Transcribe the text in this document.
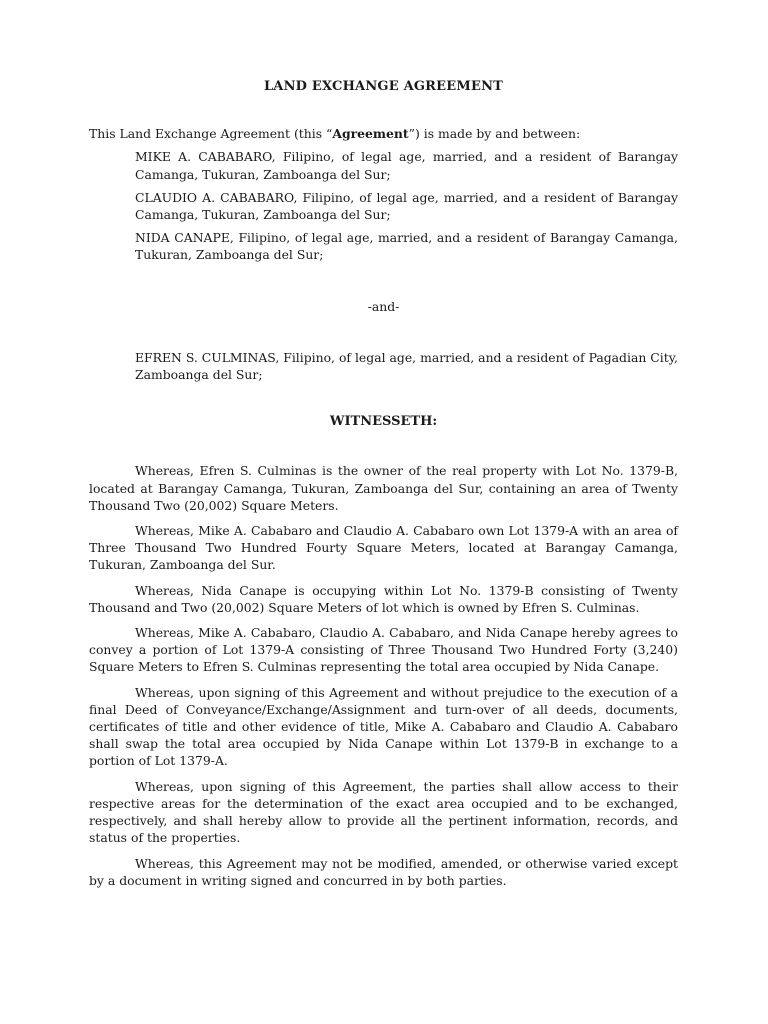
LAND EXCHANGE AGREEMENT

This Land Exchange Agreement (this “Agreement”) is made by and between:

MIKE A. CABABARO, Filipino, of legal age, married, and a resident of Barangay Camanga, Tukuran, Zamboanga del Sur;

CLAUDIO A. CABABARO, Filipino, of legal age, married, and a resident of Barangay Camanga, Tukuran, Zamboanga del Sur;

NIDA CANAPE, Filipino, of legal age, married, and a resident of Barangay Camanga, Tukuran, Zamboanga del Sur;

-and-

EFREN S. CULMINAS, Filipino, of legal age, married, and a resident of Pagadian City, Zamboanga del Sur;

WITNESSETH:

Whereas, Efren S. Culminas is the owner of the real property with Lot No. 1379-B, located at Barangay Camanga, Tukuran, Zamboanga del Sur, containing an area of Twenty Thousand Two (20,002) Square Meters.

Whereas, Mike A. Cababaro and Claudio A. Cababaro own Lot 1379-A with an area of Three Thousand Two Hundred Fourty Square Meters, located at Barangay Camanga, Tukuran, Zamboanga del Sur.

Whereas, Nida Canape is occupying within Lot No. 1379-B consisting of Twenty Thousand and Two (20,002) Square Meters of lot which is owned by Efren S. Culminas.

Whereas, Mike A. Cababaro, Claudio A. Cababaro, and Nida Canape hereby agrees to convey a portion of Lot 1379-A consisting of Three Thousand Two Hundred Forty (3,240) Square Meters to Efren S. Culminas representing the total area occupied by Nida Canape.

Whereas, upon signing of this Agreement and without prejudice to the execution of a final Deed of Conveyance/Exchange/Assignment and turn-over of all deeds, documents, certificates of title and other evidence of title, Mike A. Cababaro and Claudio A. Cababaro shall swap the total area occupied by Nida Canape within Lot 1379-B in exchange to a portion of Lot 1379-A.

Whereas, upon signing of this Agreement, the parties shall allow access to their respective areas for the determination of the exact area occupied and to be exchanged, respectively, and shall hereby allow to provide all the pertinent information, records, and status of the properties.

Whereas, this Agreement may not be modified, amended, or otherwise varied except by a document in writing signed and concurred in by both parties.
